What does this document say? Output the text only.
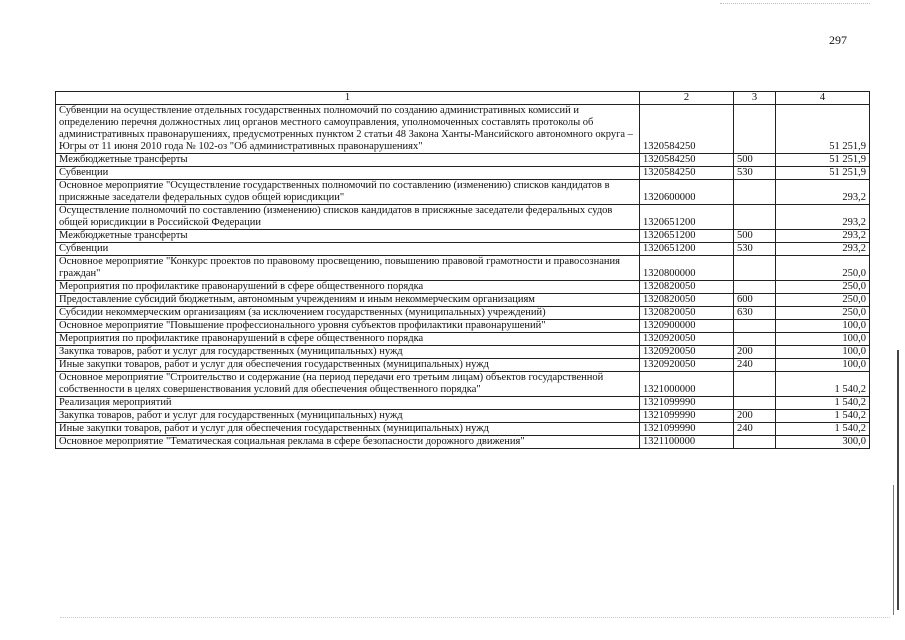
297
1	2	3	4
Субвенции на осуществление отдельных государственных полномочий по созданию административных комиссий и определению перечня должностных лиц органов местного самоуправления, уполномоченных составлять протоколы об административных правонарушениях, предусмотренных пунктом 2 статьи 48 Закона Ханты-Мансийского автономного округа – Югры от 11 июня 2010 года № 102-оз "Об административных правонарушениях"	1320584250		51 251,9
Межбюджетные трансферты	1320584250	500	51 251,9
Субвенции	1320584250	530	51 251,9
Основное мероприятие "Осуществление государственных полномочий по составлению (изменению) списков кандидатов в присяжные заседатели федеральных судов общей юрисдикции"	1320600000		293,2
Осуществление полномочий по составлению (изменению) списков кандидатов в присяжные заседатели федеральных судов общей юрисдикции в Российской Федерации	1320651200		293,2
Межбюджетные трансферты	1320651200	500	293,2
Субвенции	1320651200	530	293,2
Основное мероприятие "Конкурс проектов по правовому просвещению, повышению правовой грамотности и правосознания граждан"	1320800000		250,0
Мероприятия по профилактике правонарушений в сфере общественного порядка	1320820050		250,0
Предоставление субсидий бюджетным, автономным учреждениям и иным некоммерческим организациям	1320820050	600	250,0
Субсидии некоммерческим организациям (за исключением государственных (муниципальных) учреждений)	1320820050	630	250,0
Основное мероприятие "Повышение профессионального уровня субъектов профилактики правонарушений"	1320900000		100,0
Мероприятия по профилактике правонарушений в сфере общественного порядка	1320920050		100,0
Закупка товаров, работ и услуг для государственных (муниципальных) нужд	1320920050	200	100,0
Иные закупки товаров, работ и услуг для обеспечения государственных (муниципальных) нужд	1320920050	240	100,0
Основное мероприятие "Строительство и содержание (на период передачи его третьим лицам) объектов государственной собственности в целях совершенствования условий для обеспечения общественного порядка"	1321000000		1 540,2
Реализация мероприятий	1321099990		1 540,2
Закупка товаров, работ и услуг для государственных (муниципальных) нужд	1321099990	200	1 540,2
Иные закупки товаров, работ и услуг для обеспечения государственных (муниципальных) нужд	1321099990	240	1 540,2
Основное мероприятие "Тематическая социальная реклама в сфере безопасности дорожного движения"	1321100000		300,0
